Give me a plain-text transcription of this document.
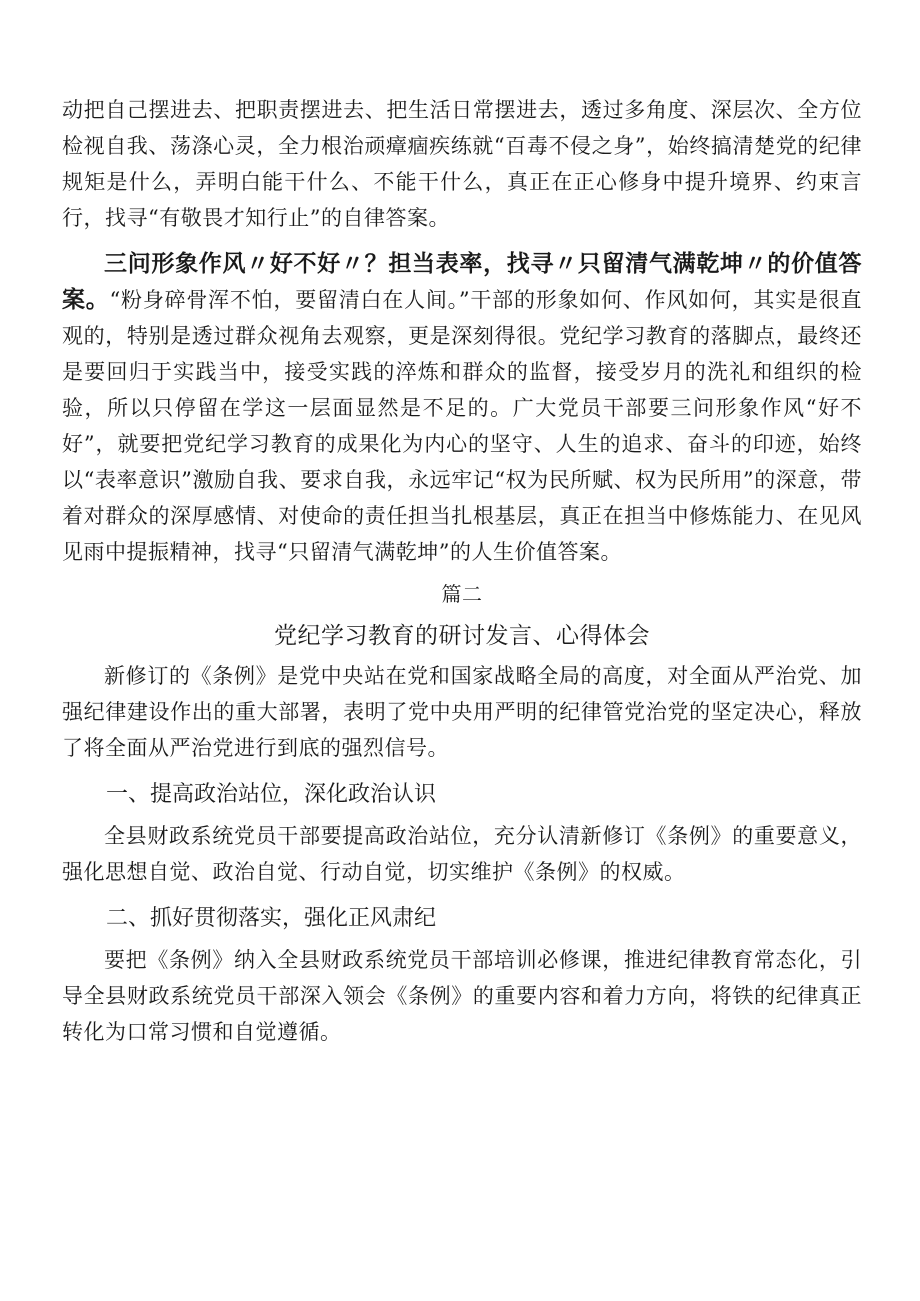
动把自己摆进去、把职责摆进去、把生活日常摆进去，透过多角度、深层次、全方位检视自我、荡涤心灵，全力根治顽瘴痼疾练就“百毒不侵之身”，始终搞清楚党的纪律规矩是什么，弄明白能干什么、不能干什么，真正在正心修身中提升境界、约束言行，找寻“有敬畏才知行止”的自律答案。

三问形象作风〃好不好〃？担当表率，找寻〃只留清气满乾坤〃的价值答案。“粉身碎骨浑不怕，要留清白在人间。”干部的形象如何、作风如何，其实是很直观的，特别是透过群众视角去观察，更是深刻得很。党纪学习教育的落脚点，最终还是要回归于实践当中，接受实践的淬炼和群众的监督，接受岁月的洗礼和组织的检验，所以只停留在学这一层面显然是不足的。广大党员干部要三问形象作风“好不好”，就要把党纪学习教育的成果化为内心的坚守、人生的追求、奋斗的印迹，始终以“表率意识”激励自我、要求自我，永远牢记“权为民所赋、权为民所用”的深意，带着对群众的深厚感情、对使命的责任担当扎根基层，真正在担当中修炼能力、在见风见雨中提振精神，找寻“只留清气满乾坤”的人生价值答案。

篇二

党纪学习教育的研讨发言、心得体会

新修订的《条例》是党中央站在党和国家战略全局的高度，对全面从严治党、加强纪律建设作出的重大部署，表明了党中央用严明的纪律管党治党的坚定决心，释放了将全面从严治党进行到底的强烈信号。

一、提高政治站位，深化政治认识

全县财政系统党员干部要提高政治站位，充分认清新修订《条例》的重要意义，强化思想自觉、政治自觉、行动自觉，切实维护《条例》的权威。

二、抓好贯彻落实，强化正风肃纪

要把《条例》纳入全县财政系统党员干部培训必修课，推进纪律教育常态化，引导全县财政系统党员干部深入领会《条例》的重要内容和着力方向，将铁的纪律真正转化为口常习惯和自觉遵循。
